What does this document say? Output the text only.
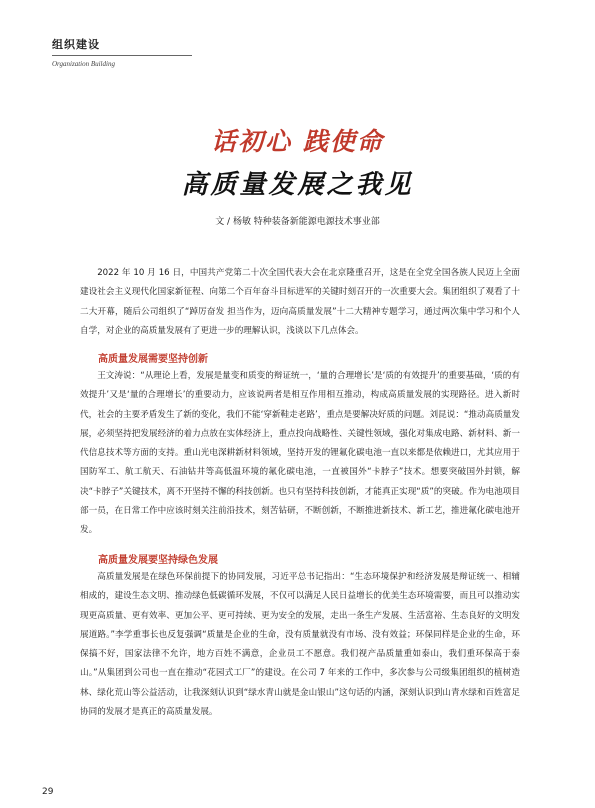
组织建设

Organization Building
话初心 践使命
高质量发展之我见
文 / 杨敏 特种装备新能源电源技术事业部

2022 年 10 月 16 日，中国共产党第二十次全国代表大会在北京隆重召开，这是在全党全国各族人民迈上全面建设社会主义现代化国家新征程、向第二个百年奋斗目标进军的关键时刻召开的一次重要大会。集团组织了观看了十二大开幕，随后公司组织了“踔厉奋发 担当作为，迈向高质量发展”十二大精神专题学习，通过两次集中学习和个人自学，对企业的高质量发展有了更进一步的理解认识，浅谈以下几点体会。

高质量发展需要坚持创新

王文涛说：“从理论上看，发展是量变和质变的辩证统一，‘量的合理增长’是‘质的有效提升’的重要基础，‘质的有效提升’又是‘量的合理增长’的重要动力，应该说两者是相互作用相互推动，构成高质量发展的实现路径。进入新时代，社会的主要矛盾发生了新的变化，我们不能‘穿新鞋走老路’，重点是要解决好质的问题。刘昆说：“推动高质量发展，必须坚持把发展经济的着力点放在实体经济上，重点投向战略性、关键性领域，强化对集成电路、新材料、新一代信息技术等方面的支持。重山光电深耕新材料领域，坚持开发的锂氟化碳电池一直以来都是依赖进口，尤其应用于国防军工、航工航天、石油钻井等高低温环境的氟化碳电池，一直被国外“卡脖子”技术。想要突破国外封锁，解决“卡脖子”关键技术，离不开坚持不懈的科技创新。也只有坚持科技创新，才能真正实现“质”的突破。作为电池项目部一员，在日常工作中应该时刻关注前沿技术，刻苦钻研，不断创新，不断推进新技术、新工艺，推进氟化碳电池开发。

高质量发展要坚持绿色发展

高质量发展是在绿色环保前提下的协同发展，习近平总书记指出：“生态环境保护和经济发展是辩证统一、相辅相成的，建设生态文明、推动绿色低碳循环发展，不仅可以满足人民日益增长的优美生态环境需要，而且可以推动实现更高质量、更有效率、更加公平、更可持续、更为安全的发展，走出一条生产发展、生活富裕、生态良好的文明发展道路。”李学重事长也反复强调“质量是企业的生命，没有质量就没有市场、没有效益；环保同样是企业的生命，环保搞不好，国家法律不允许，地方百姓不满意，企业员工不愿意。我们视产品质量重如泰山，我们重环保高于泰山。”从集团到公司也一直在推动“花园式工厂”的建设。在公司 7 年来的工作中，多次参与公司级集团组织的植树造林、绿化荒山等公益活动，让我深刻认识到“绿水青山就是金山银山”这句话的内涵，深刻认识到山青水绿和百姓富足协同的发展才是真正的高质量发展。

29
